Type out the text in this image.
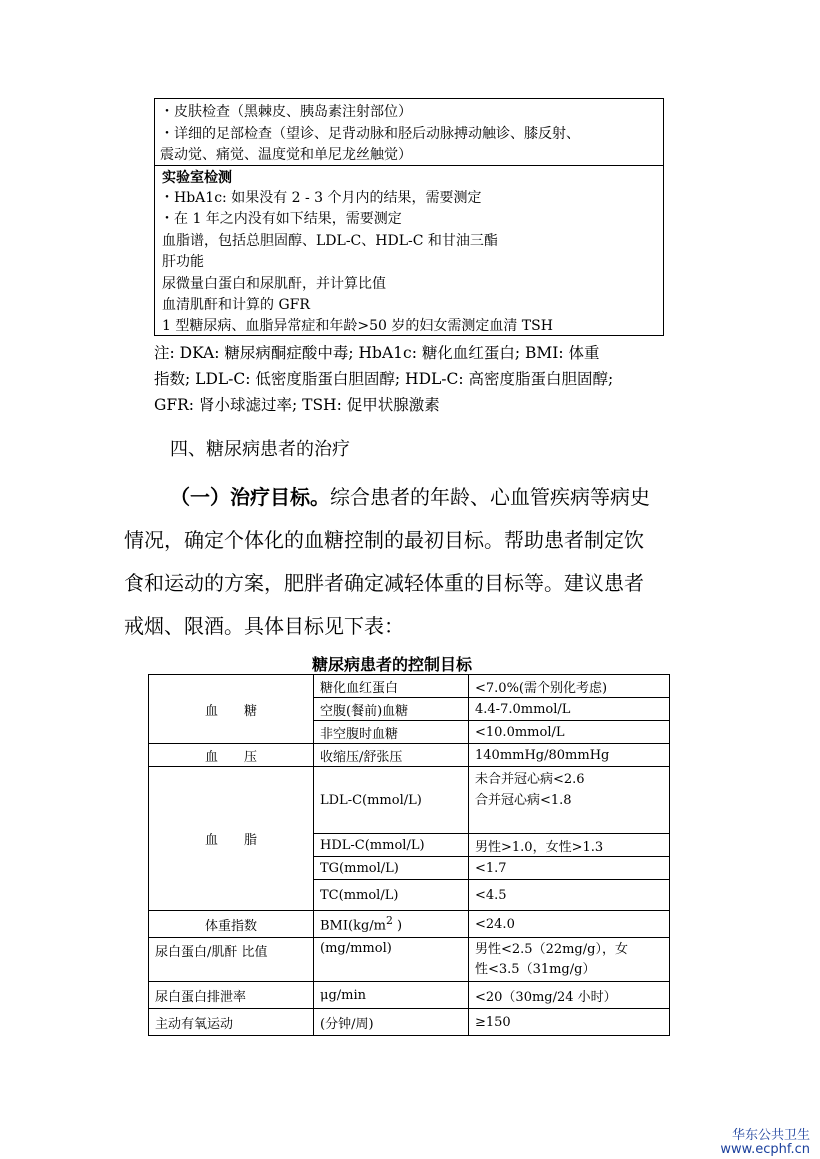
・皮肤检查（黑棘皮、胰岛素注射部位）
・详细的足部检查（望诊、足背动脉和胫后动脉搏动触诊、膝反射、
震动觉、痛觉、温度觉和单尼龙丝触觉）
实验室检测
・HbA1c: 如果没有 2 - 3 个月内的结果，需要测定
・在 1 年之内没有如下结果，需要测定
血脂谱，包括总胆固醇、LDL-C、HDL-C 和甘油三酯
肝功能
尿微量白蛋白和尿肌酐，并计算比值
血清肌酐和计算的 GFR
1 型糖尿病、血脂异常症和年龄>50 岁的妇女需测定血清 TSH
注: DKA: 糖尿病酮症酸中毒; HbA1c: 糖化血红蛋白; BMI: 体重
指数; LDL-C: 低密度脂蛋白胆固醇; HDL-C: 高密度脂蛋白胆固醇;
GFR: 肾小球滤过率; TSH: 促甲状腺激素
四、糖尿病患者的治疗
（一）治疗目标。综合患者的年龄、心血管疾病等病史
情况，确定个体化的血糖控制的最初目标。帮助患者制定饮
食和运动的方案，肥胖者确定减轻体重的目标等。建议患者
戒烟、限酒。具体目标见下表：
糖尿病患者的控制目标
血　　糖	糖化血红蛋白	<7.0%(需个别化考虑)
	空腹(餐前)血糖	4.4-7.0mmol/L
	非空腹时血糖	<10.0mmol/L
血　　压	收缩压/舒张压	140mmHg/80mmHg
血　　脂	LDL-C(mmol/L)	未合并冠心病<2.6
合并冠心病<1.8

	HDL-C(mmol/L)	男性>1.0，女性>1.3
	TG(mmol/L)	<1.7
	TC(mmol/L)	<4.5
体重指数	$BMI(kg/m^2$ )	<24.0
尿白蛋白/肌酐 比值	(mg/mmol)	男性<2.5（22mg/g），女
性<3.5（31mg/g）

尿白蛋白排泄率	μg/min	<20（30mg/24 小时）
主动有氧运动	(分钟/周)	≥150
华东公共卫生
www.ecphf.cn
